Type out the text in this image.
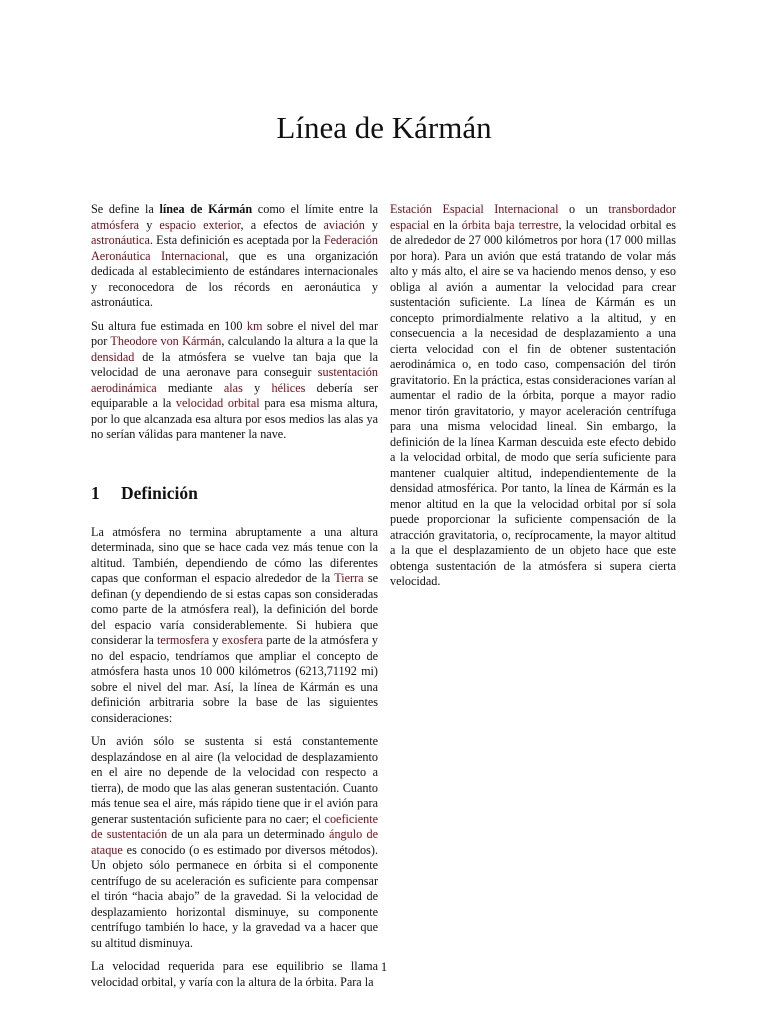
Línea de Kármán

Se define la línea de Kármán como el límite entre la atmósfera y espacio exterior, a efectos de aviación y astronáutica. Esta definición es aceptada por la Federación Aeronáutica Internacional, que es una organización dedicada al establecimiento de estándares internacionales y reconocedora de los récords en aeronáutica y astronáutica.

Su altura fue estimada en 100 km sobre el nivel del mar por Theodore von Kármán, calculando la altura a la que la densidad de la atmósfera se vuelve tan baja que la velocidad de una aeronave para conseguir sustentación aerodinámica mediante alas y hélices debería ser equiparable a la velocidad orbital para esa misma altura, por lo que alcanzada esa altura por esos medios las alas ya no serían válidas para mantener la nave.

1	Definición

La atmósfera no termina abruptamente a una altura determinada, sino que se hace cada vez más tenue con la altitud. También, dependiendo de cómo las diferentes capas que conforman el espacio alrededor de la Tierra se definan (y dependiendo de si estas capas son consideradas como parte de la atmósfera real), la definición del borde del espacio varía considerablemente. Si hubiera que considerar la termosfera y exosfera parte de la atmósfera y no del espacio, tendríamos que ampliar el concepto de atmósfera hasta unos 10 000 kilómetros (6213,71192 mi) sobre el nivel del mar. Así, la línea de Kármán es una definición arbitraria sobre la base de las siguientes consideraciones:

Un avión sólo se sustenta si está constantemente desplazándose en al aire (la velocidad de desplazamiento en el aire no depende de la velocidad con respecto a tierra), de modo que las alas generan sustentación. Cuanto más tenue sea el aire, más rápido tiene que ir el avión para generar sustentación suficiente para no caer; el coeficiente de sustentación de un ala para un determinado ángulo de ataque es conocido (o es estimado por diversos métodos). Un objeto sólo permanece en órbita si el componente centrífugo de su aceleración es suficiente para compensar el tirón “hacia abajo” de la gravedad. Si la velocidad de desplazamiento horizontal disminuye, su componente centrífugo también lo hace, y la gravedad va a hacer que su altitud disminuya.

La velocidad requerida para ese equilibrio se llama velocidad orbital, y varía con la altura de la órbita. Para la

Estación Espacial Internacional o un transbordador espacial en la órbita baja terrestre, la velocidad orbital es de alrededor de 27 000 kilómetros por hora (17 000 millas por hora). Para un avión que está tratando de volar más alto y más alto, el aire se va haciendo menos denso, y eso obliga al avión a aumentar la velocidad para crear sustentación suficiente. La línea de Kármán es un concepto primordialmente relativo a la altitud, y en consecuencia a la necesidad de desplazamiento a una cierta velocidad con el fin de obtener sustentación aerodinámica o, en todo caso, compensación del tirón gravitatorio. En la práctica, estas consideraciones varían al aumentar el radio de la órbita, porque a mayor radio menor tirón gravitatorio, y mayor aceleración centrífuga para una misma velocidad lineal. Sin embargo, la definición de la línea Karman descuida este efecto debido a la velocidad orbital, de modo que sería suficiente para mantener cualquier altitud, independientemente de la densidad atmosférica. Por tanto, la línea de Kármán es la menor altitud en la que la velocidad orbital por sí sola puede proporcionar la suficiente compensación de la atracción gravitatoria, o, recíprocamente, la mayor altitud a la que el desplazamiento de un objeto hace que este obtenga sustentación de la atmósfera si supera cierta velocidad.

1
